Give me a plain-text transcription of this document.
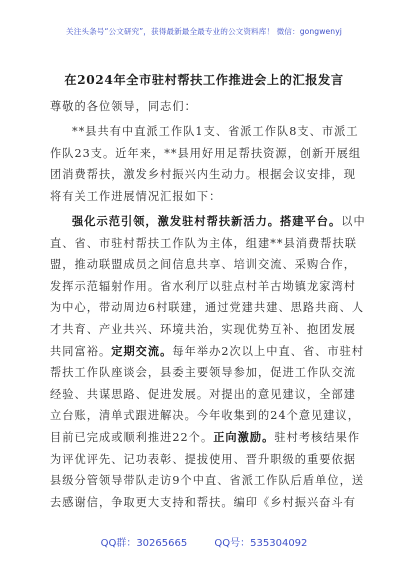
关注头条号“公文研究”，获得最新最全最专业的公文资料库！ 微信：gongwenyj
在2024年全市驻村帮扶工作推进会上的汇报发言
尊敬的各位领导，同志们：
**县共有中直派工作队1支、省派工作队8支、市派工
作队23支。近年来，**县用好用足帮扶资源，创新开展组
团消费帮扶，激发乡村振兴内生动力。根据会议安排，现
将有关工作进展情况汇报如下：
强化示范引领，激发驻村帮扶新活力。搭建平台。以中
直、省、市驻村帮扶工作队为主体，组建**县消费帮扶联
盟，推动联盟成员之间信息共享、培训交流、采购合作，
发挥示范辐射作用。省水利厅以驻点村羊古坳镇龙家湾村
为中心，带动周边6村联建，通过党建共建、思路共商、人
才共育、产业共兴、环境共治，实现优势互补、抱团发展
共同富裕。定期交流。每年举办2次以上中直、省、市驻村
帮扶工作队座谈会，县委主要领导参加，促进工作队交流
经验、共谋思路、促进发展。对提出的意见建议，全部建
立台账，清单式跟进解决。今年收集到的24个意见建议，
目前已完成或顺利推进22个。正向激励。驻村考核结果作
为评优评先、记功表彰、提拔使用、晋升职级的重要依据
县级分管领导带队走访9个中直、省派工作队后盾单位，送
去感谢信，争取更大支持和帮扶。编印《乡村振兴奋斗有
QQ群：30265665	QQ号：535304092
